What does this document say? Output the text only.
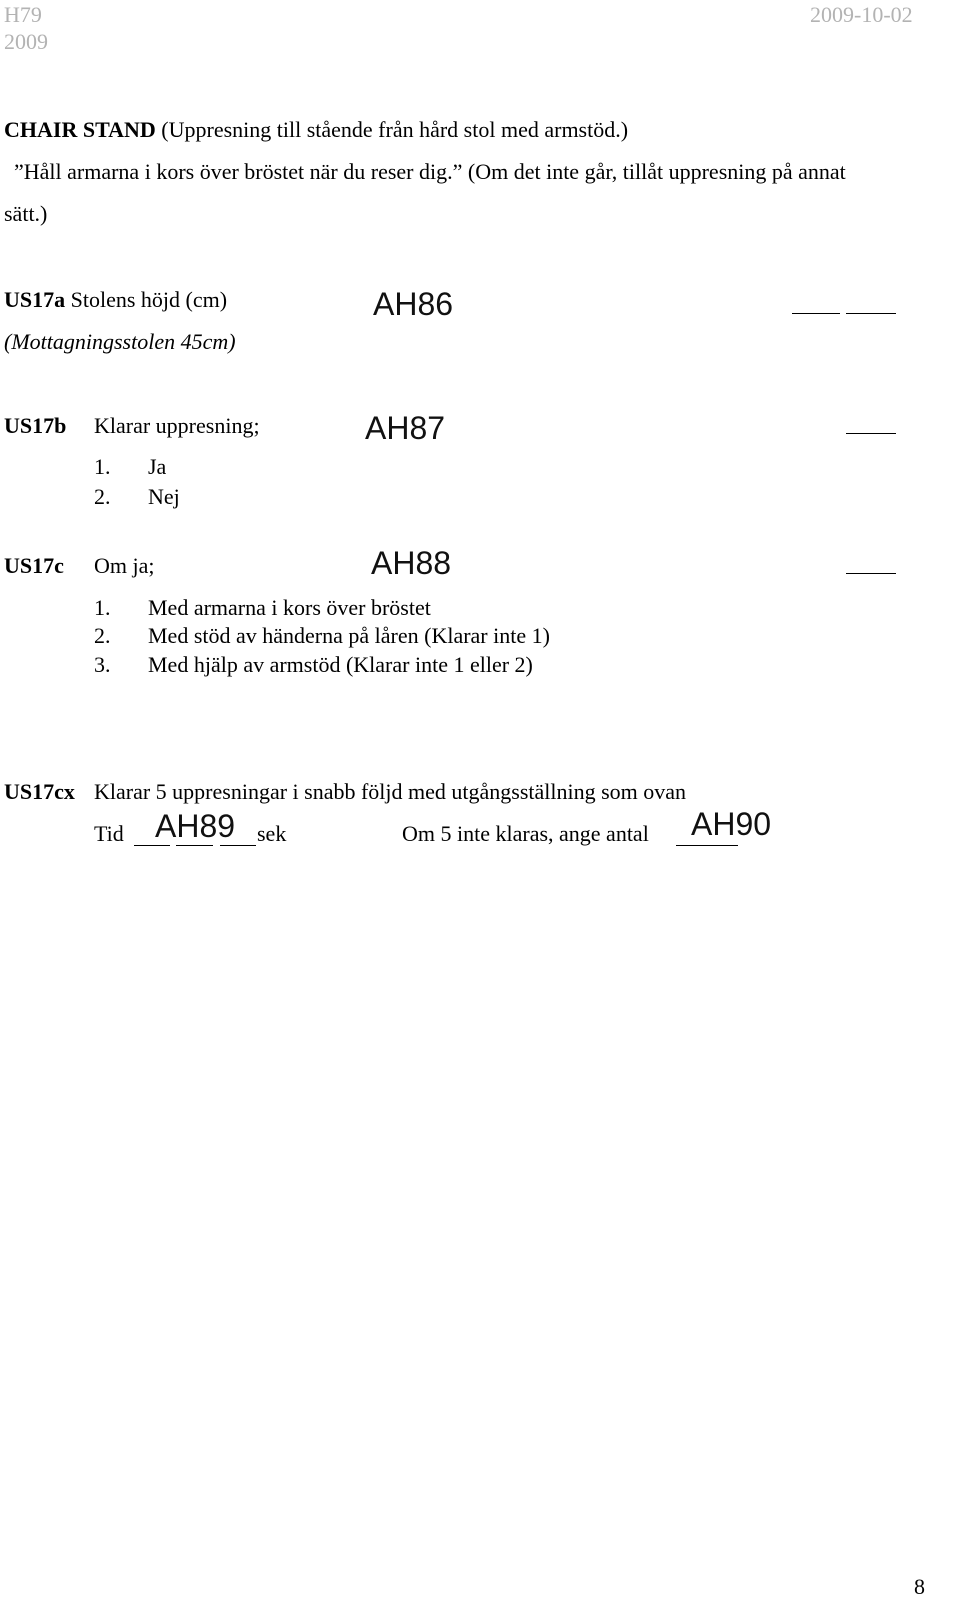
H79
2009
2009-10-02
CHAIR STAND (Uppresning till stående från hård stol med armstöd.)
”Håll armarna i kors över bröstet när du reser dig.” (Om det inte går, tillåt uppresning på annat
sätt.)
US17a Stolens höjd (cm)
(Mottagningsstolen 45cm)
AH86
US17b Klarar uppresning;	AH87
1. Ja
2. Nej
US17c Om ja;	AH88
1. Med armarna i kors över bröstet
2. Med stöd av händerna på låren (Klarar inte 1)
3. Med hjälp av armstöd (Klarar inte 1 eller 2)
US17cx Klarar 5 uppresningar i snabb följd med utgångsställning som ovan
Tid AH89 sek	Om 5 inte klaras, ange antal AH90
8
